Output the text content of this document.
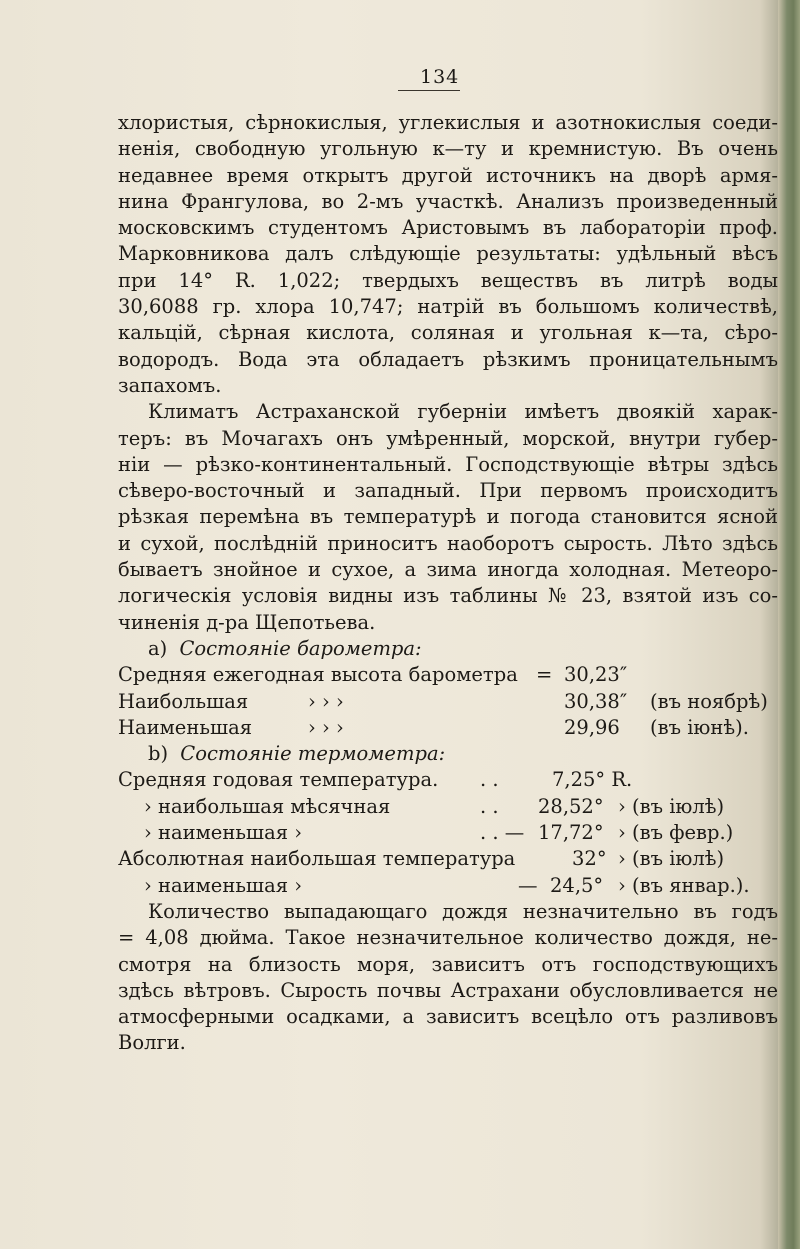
134
хлористыя, сѣрнокислыя, углекислыя и азотнокислыя соеди-
ненія, свободную угольную к—ту и кремнистую. Въ очень
недавнее время открытъ другой источникъ на дворѣ армя-
нина Франгулова, во 2-мъ участкѣ. Анализъ произведенный
московскимъ студентомъ Аристовымъ въ лабораторіи проф.
Марковникова далъ слѣдующіе результаты: удѣльный вѣсъ
при 14° R. 1,022; твердыхъ веществъ въ литрѣ воды
30,6088 гр. хлора 10,747; натрій въ большомъ количествѣ,
кальцій, сѣрная кислота, соляная и угольная к—та, сѣро-
водородъ. Вода эта обладаетъ рѣзкимъ проницательнымъ
запахомъ.
Климатъ Астраханской губерніи имѣетъ двоякій харак-
теръ: въ Мочагахъ онъ умѣренный, морской, внутри губер-
ніи — рѣзко-континентальный. Господствующіе вѣтры здѣсь
сѣверо-восточный и западный. При первомъ происходитъ
рѣзкая перемѣна въ температурѣ и погода становится ясной
и сухой, послѣдній приноситъ наоборотъ сырость. Лѣто здѣсь
бываетъ знойное и сухое, а зима иногда холодная. Метеоро-
логическія условія видны изъ таблины № 23, взятой изъ со-
чиненія д-ра Щепотьева.
a) Состояніе барометра:
Средняя ежегодная высота барометра = 30,23″
Наибольшая	› › ›	30,38″ (въ ноябрѣ)
Наименьшая	› › ›	29,96 (въ іюнѣ).
b) Состояніе термометра:
Средняя годовая температура. . .	7,25° R.
› наибольшая мѣсячная	. . 28,52° › (въ іюлѣ)
› наименьшая ›	. . — 17,72° › (въ февр.)
Абсолютная наибольшая температура	32° › (въ іюлѣ)
› наименьшая ›	— 24,5° › (въ январ.).
Количество выпадающаго дождя незначительно въ годъ
= 4,08 дюйма. Такое незначительное количество дождя, не-
смотря на близость моря, зависитъ отъ господствующихъ
здѣсь вѣтровъ. Сырость почвы Астрахани обусловливается не
атмосферными осадками, а зависитъ всецѣло отъ разливовъ
Волги.
